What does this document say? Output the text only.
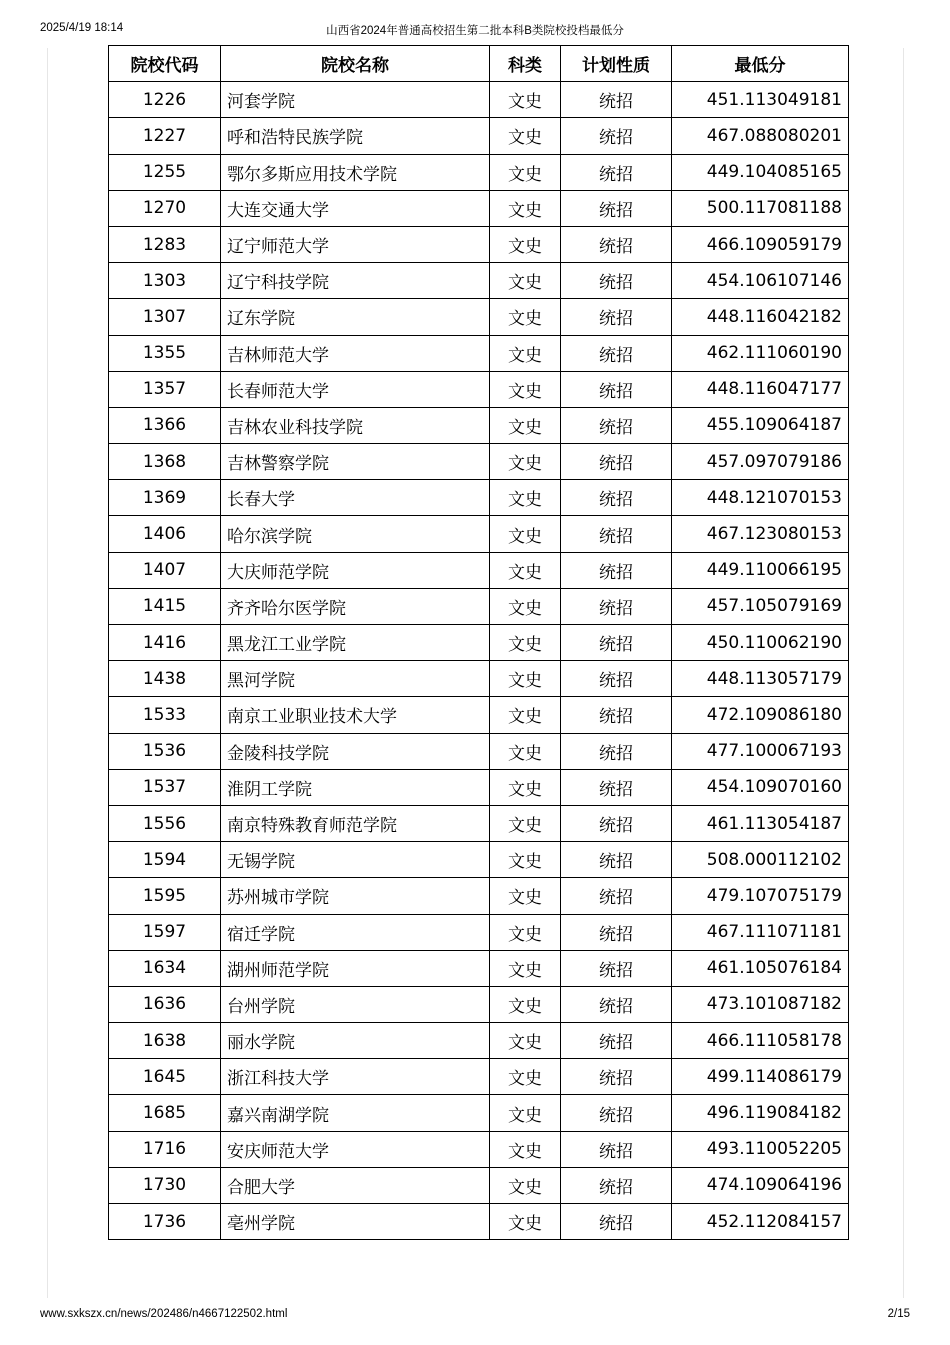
2025/4/19 18:14	山西省2024年普通高校招生第二批本科B类院校投档最低分
院校代码	院校名称	科类	计划性质	最低分
1226	河套学院	文史	统招	451.113049181
1227	呼和浩特民族学院	文史	统招	467.088080201
1255	鄂尔多斯应用技术学院	文史	统招	449.104085165
1270	大连交通大学	文史	统招	500.117081188
1283	辽宁师范大学	文史	统招	466.109059179
1303	辽宁科技学院	文史	统招	454.106107146
1307	辽东学院	文史	统招	448.116042182
1355	吉林师范大学	文史	统招	462.111060190
1357	长春师范大学	文史	统招	448.116047177
1366	吉林农业科技学院	文史	统招	455.109064187
1368	吉林警察学院	文史	统招	457.097079186
1369	长春大学	文史	统招	448.121070153
1406	哈尔滨学院	文史	统招	467.123080153
1407	大庆师范学院	文史	统招	449.110066195
1415	齐齐哈尔医学院	文史	统招	457.105079169
1416	黑龙江工业学院	文史	统招	450.110062190
1438	黑河学院	文史	统招	448.113057179
1533	南京工业职业技术大学	文史	统招	472.109086180
1536	金陵科技学院	文史	统招	477.100067193
1537	淮阴工学院	文史	统招	454.109070160
1556	南京特殊教育师范学院	文史	统招	461.113054187
1594	无锡学院	文史	统招	508.000112102
1595	苏州城市学院	文史	统招	479.107075179
1597	宿迁学院	文史	统招	467.111071181
1634	湖州师范学院	文史	统招	461.105076184
1636	台州学院	文史	统招	473.101087182
1638	丽水学院	文史	统招	466.111058178
1645	浙江科技大学	文史	统招	499.114086179
1685	嘉兴南湖学院	文史	统招	496.119084182
1716	安庆师范大学	文史	统招	493.110052205
1730	合肥大学	文史	统招	474.109064196
1736	亳州学院	文史	统招	452.112084157
www.sxkszx.cn/news/202486/n4667122502.html	2/15
